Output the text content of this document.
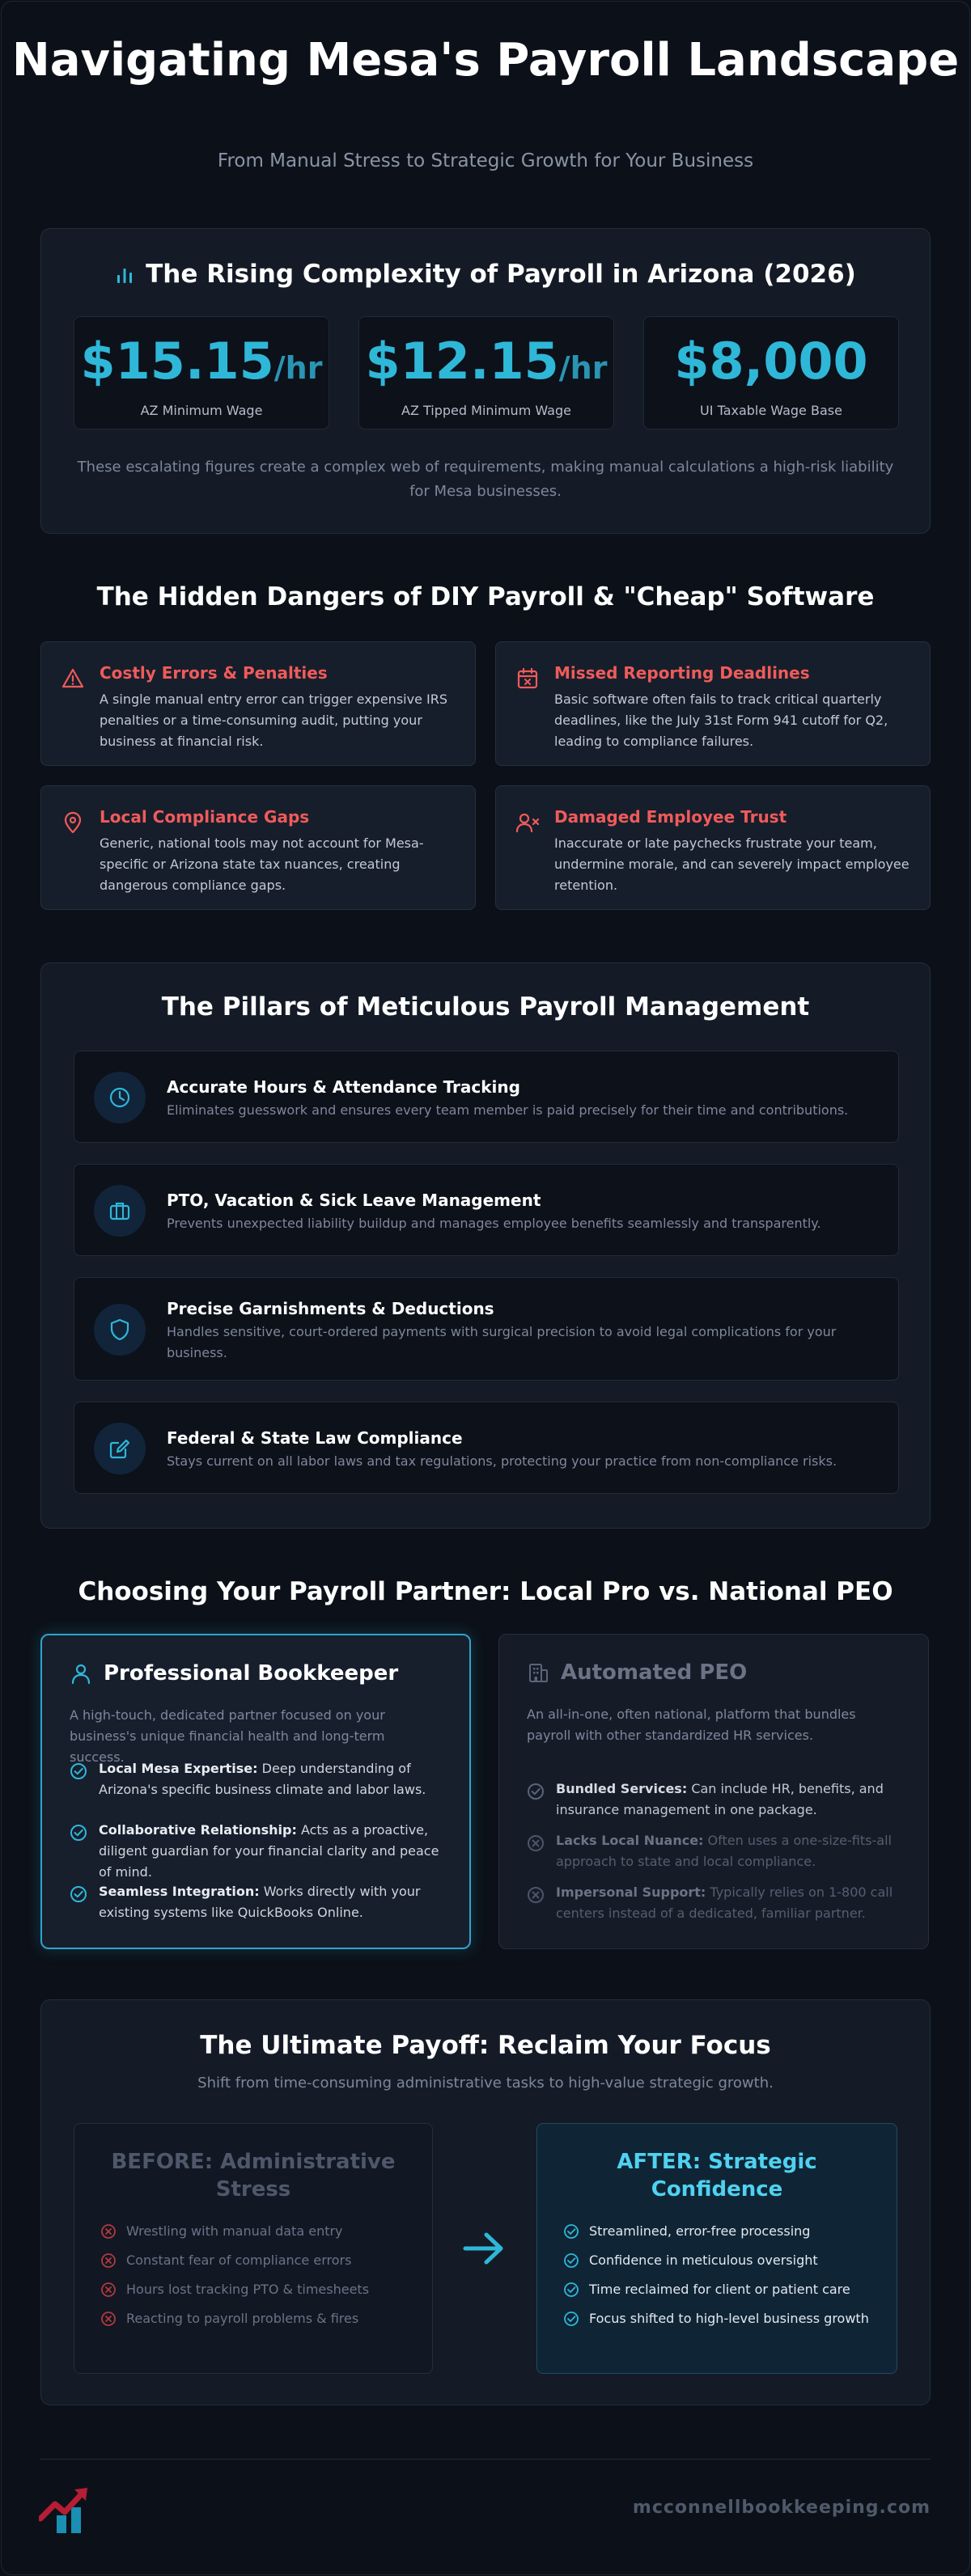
Navigating Mesa's Payroll Landscape

From Manual Stress to Strategic Growth for Your Business

The Rising Complexity of Payroll in Arizona (2026)
$15.15/hr
AZ Minimum Wage
$12.15/hr
AZ Tipped Minimum Wage
$8,000
UI Taxable Wage Base

These escalating figures create a complex web of requirements, making manual calculations a high-risk liability for Mesa businesses.

The Hidden Dangers of DIY Payroll & "Cheap" Software
Costly Errors & Penalties
A single manual entry error can trigger expensive IRS penalties or a time-consuming audit, putting your business at financial risk.
Missed Reporting Deadlines
Basic software often fails to track critical quarterly deadlines, like the July 31st Form 941 cutoff for Q2, leading to compliance failures.
Local Compliance Gaps
Generic, national tools may not account for Mesa-specific or Arizona state tax nuances, creating dangerous compliance gaps.
Damaged Employee Trust
Inaccurate or late paychecks frustrate your team, undermine morale, and can severely impact employee retention.
The Pillars of Meticulous Payroll Management
Accurate Hours & Attendance Tracking
Eliminates guesswork and ensures every team member is paid precisely for their time and contributions.
PTO, Vacation & Sick Leave Management
Prevents unexpected liability buildup and manages employee benefits seamlessly and transparently.
Precise Garnishments & Deductions
Handles sensitive, court-ordered payments with surgical precision to avoid legal complications for your business.
Federal & State Law Compliance
Stays current on all labor laws and tax regulations, protecting your practice from non-compliance risks.
Choosing Your Payroll Partner: Local Pro vs. National PEO
Professional Bookkeeper

A high-touch, dedicated partner focused on your business's unique financial health and long-term success.

Local Mesa Expertise: Deep understanding of Arizona's specific business climate and labor laws.
Collaborative Relationship: Acts as a proactive, diligent guardian for your financial clarity and peace of mind.
Seamless Integration: Works directly with your existing systems like QuickBooks Online.
Automated PEO

An all-in-one, often national, platform that bundles payroll with other standardized HR services.

Bundled Services: Can include HR, benefits, and insurance management in one package.
Lacks Local Nuance: Often uses a one-size-fits-all approach to state and local compliance.
Impersonal Support: Typically relies on 1-800 call centers instead of a dedicated, familiar partner.
The Ultimate Payoff: Reclaim Your Focus

Shift from time-consuming administrative tasks to high-value strategic growth.

BEFORE: Administrative Stress
Wrestling with manual data entry
Constant fear of compliance errors
Hours lost tracking PTO & timesheets
Reacting to payroll problems & fires
AFTER: Strategic Confidence
Streamlined, error-free processing
Confidence in meticulous oversight
Time reclaimed for client or patient care
Focus shifted to high-level business growth
mcconnellbookkeeping.com
